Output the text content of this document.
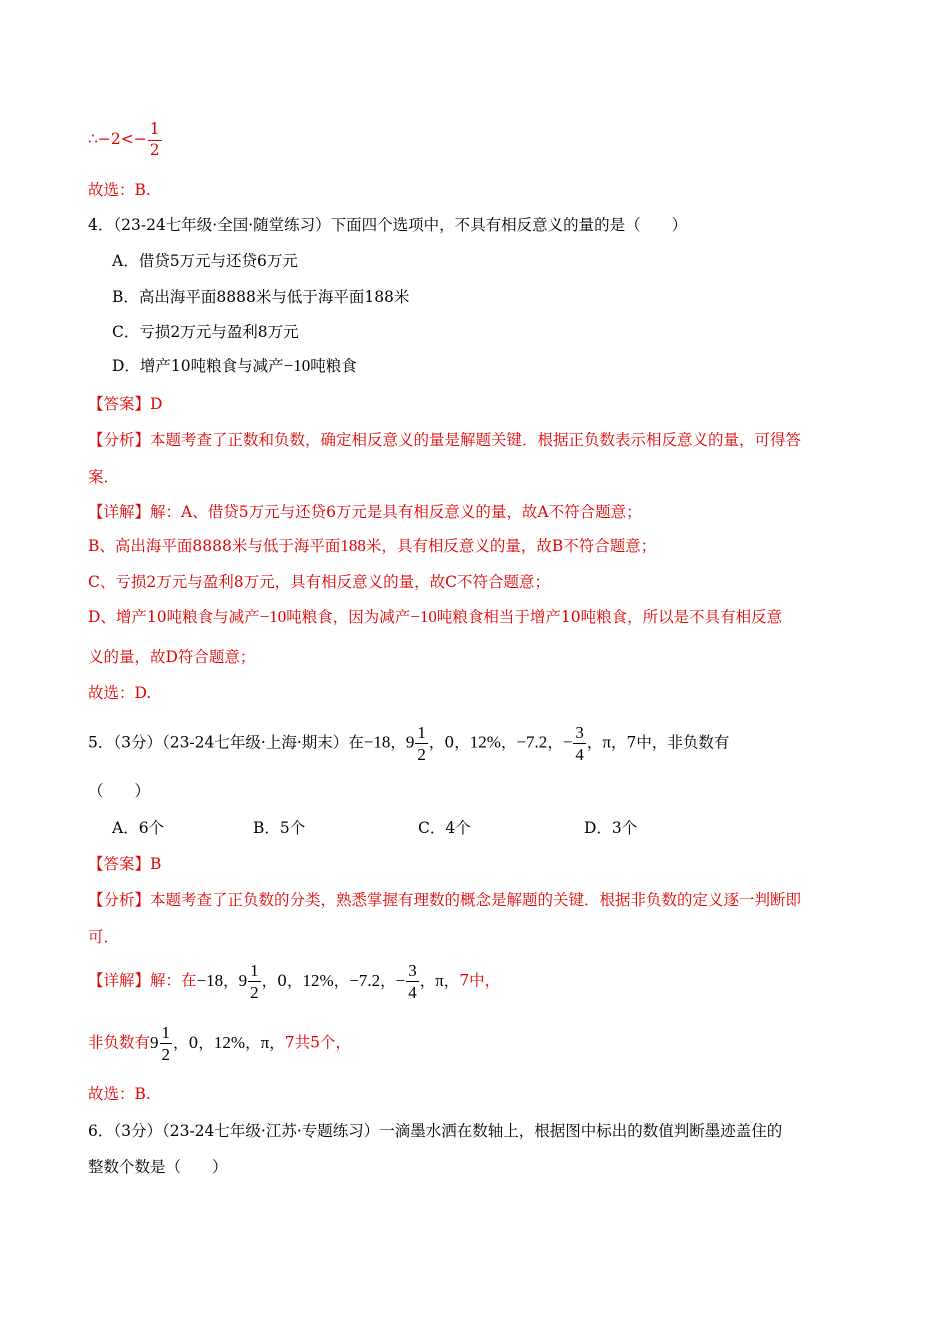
∴−2<− $\frac{1}{2}$
故选：B.
4．（23-24七年级·全国·随堂练习）下面四个选项中，不具有相反意义的量的是（　　）
A．借贷5万元与还贷6万元
B．高出海平面8888米与低于海平面188米
C．亏损2万元与盈利8万元
D．增产10吨粮食与减产−10吨粮食
【答案】D
【分析】本题考查了正数和负数，确定相反意义的量是解题关键．根据正负数表示相反意义的量，可得答
案．
【详解】解：A、借贷5万元与还贷6万元是具有相反意义的量，故A不符合题意；
B、高出海平面8888米与低于海平面188米，具有相反意义的量，故B不符合题意；
C、亏损2万元与盈利8万元，具有相反意义的量，故C不符合题意；
D、增产10吨粮食与减产−10吨粮食，因为减产−10吨粮食相当于增产10吨粮食，所以是不具有相反意
义的量，故D符合题意；
故选：D.
5．（3分）（23-24七年级·上海·期末）在−18，$9 \frac{1}{2}$ ，0，12%，−7.2，− $\frac{3}{4}$ ，π，7中，非负数有
（　　）
A．6个	B．5个	C．4个	D．3个
【答案】B
【分析】本题考查了正负数的分类，熟悉掌握有理数的概念是解题的关键．根据非负数的定义逐一判断即
可．
【详解】解：在−18，$9 \frac{1}{2}$ ，0，12%，−7.2，− $\frac{3}{4}$ ，π，7中，
非负数有$9 \frac{1}{2}$ ，0，12%，π，7共5个，
故选：B.
6．（3分）（23-24七年级·江苏·专题练习）一滴墨水洒在数轴上，根据图中标出的数值判断墨迹盖住的
整数个数是（　　）
